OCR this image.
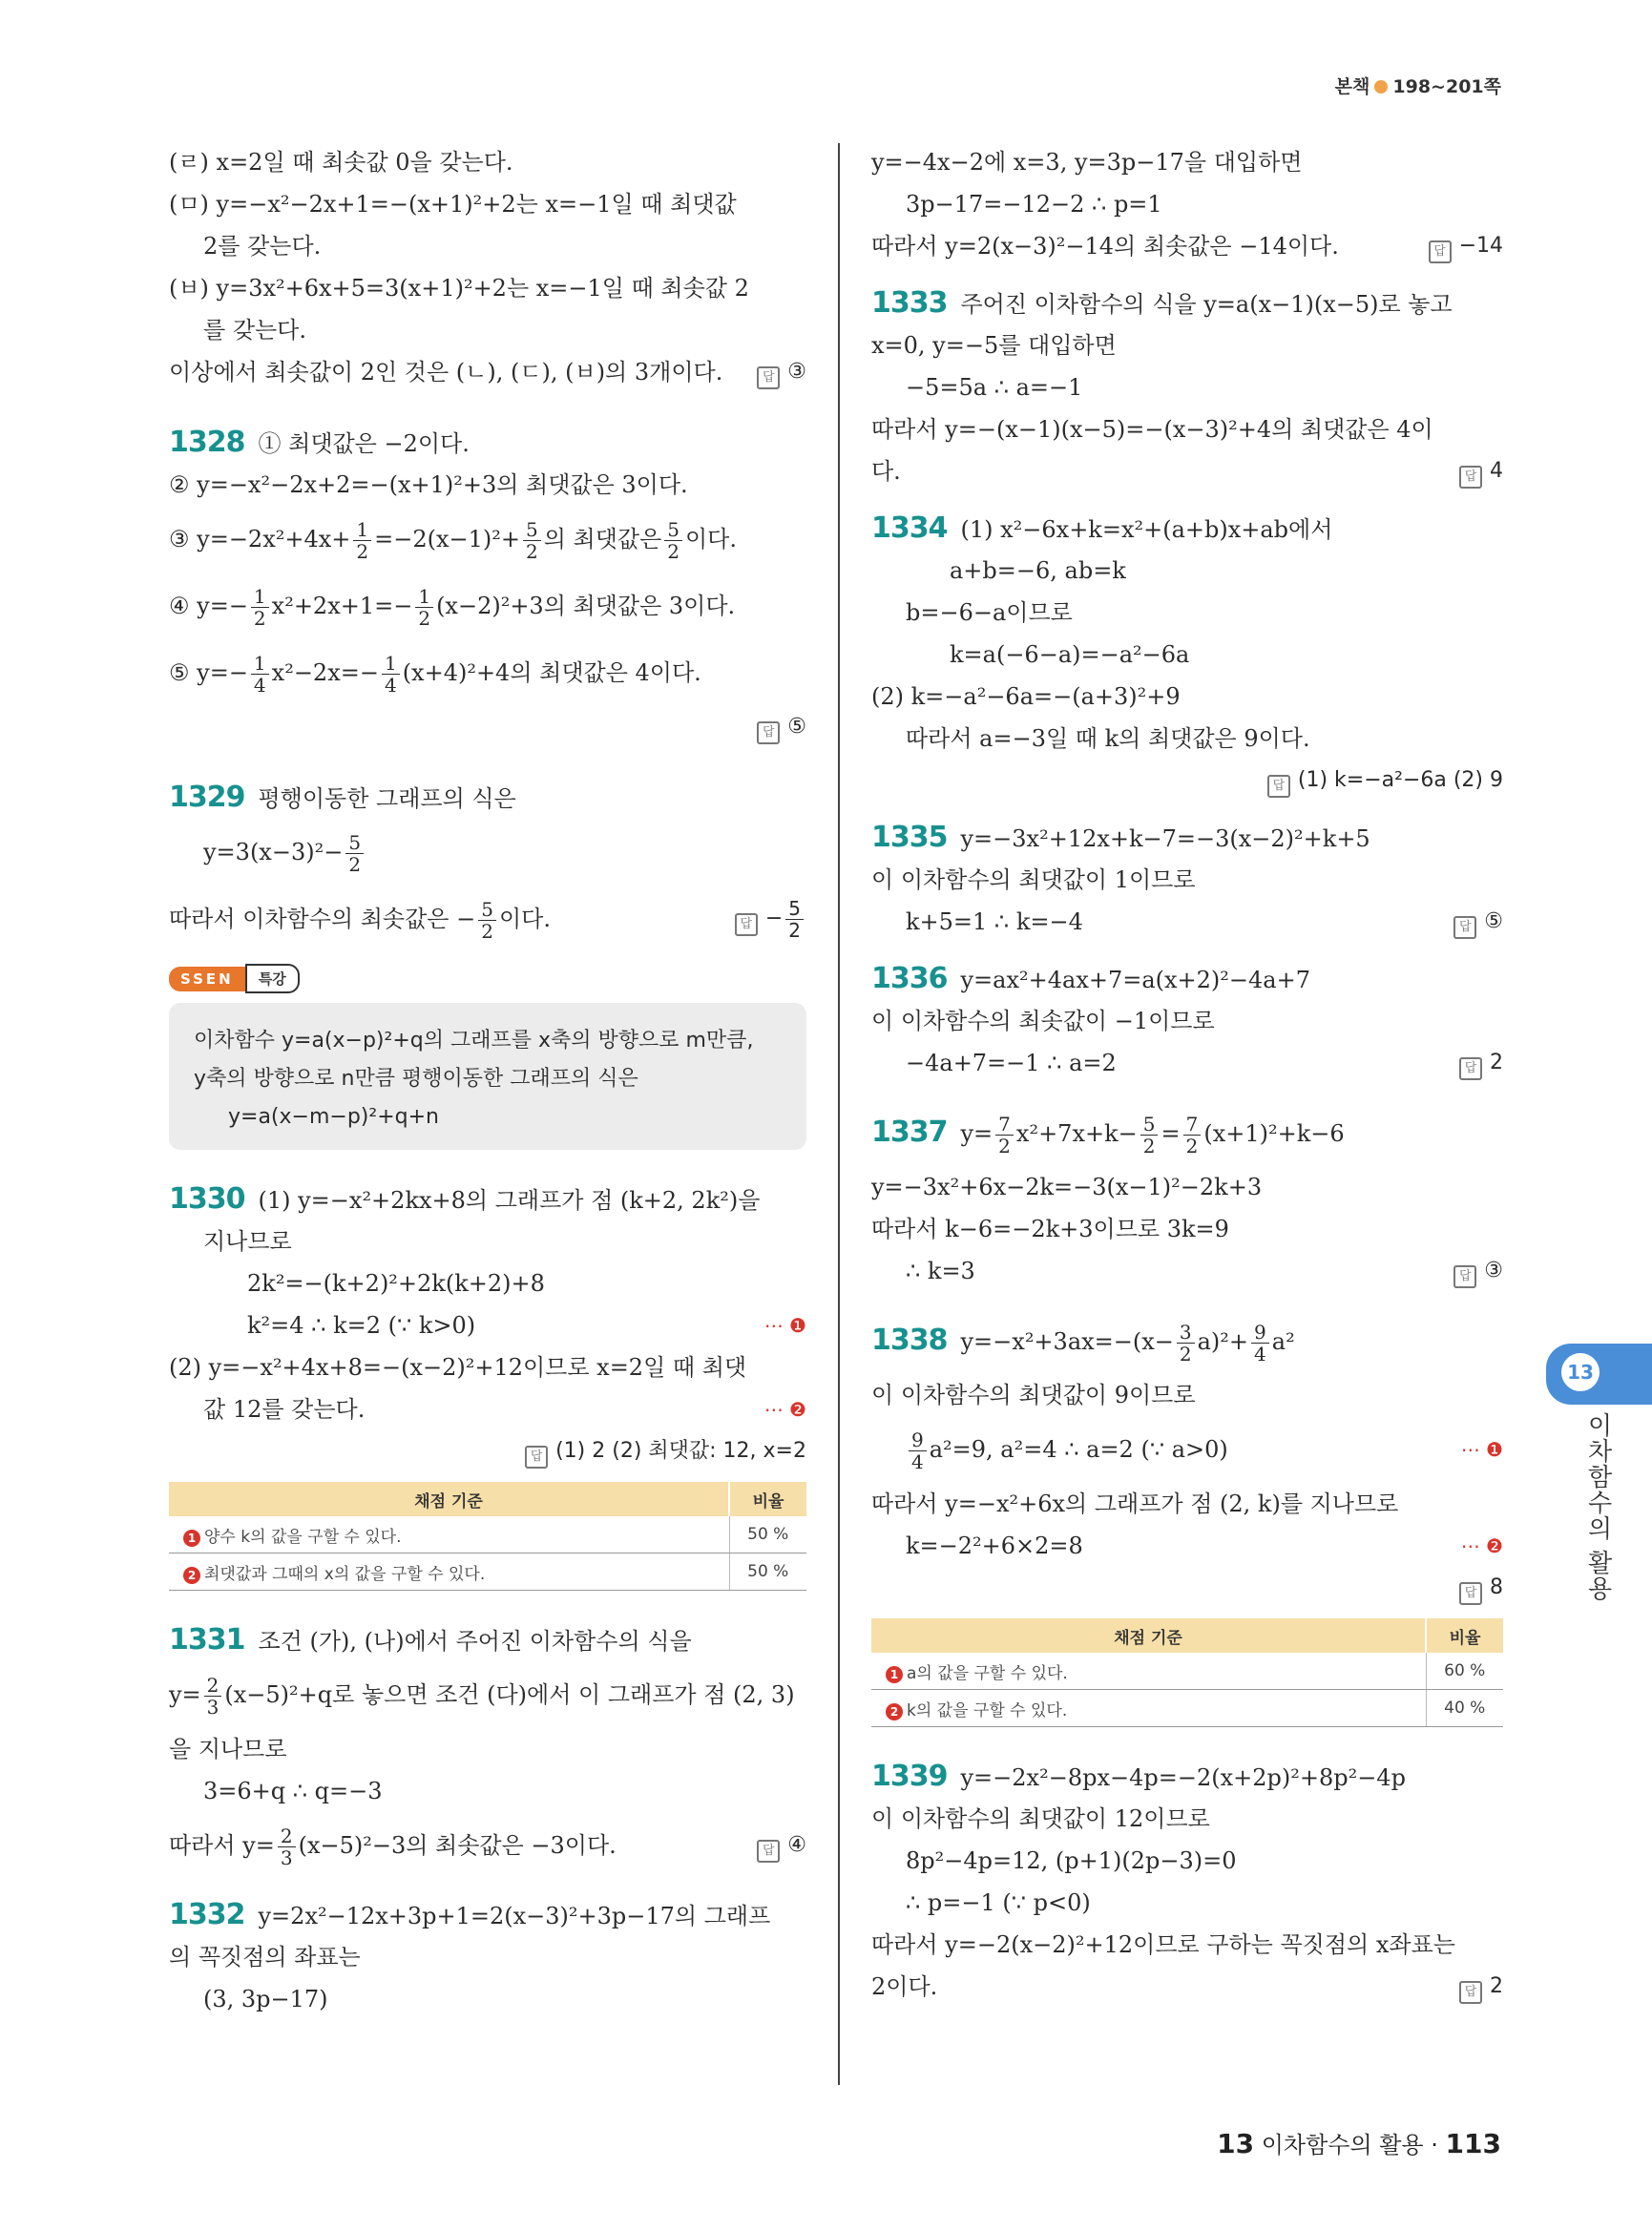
본책 198~201쪽
(ㄹ) x=2일 때 최솟값 0을 갖는다.
(ㅁ) y=−x²−2x+1=−(x+1)²+2는 x=−1일 때 최댓값
2를 갖는다.
(ㅂ) y=3x²+6x+5=3(x+1)²+2는 x=−1일 때 최솟값 2
를 갖는다.
이상에서 최솟값이 2인 것은 (ㄴ), (ㄷ), (ㅂ)의 3개이다.	답 ③
1328 ① 최댓값은 −2이다.
② y=−x²−2x+2=−(x+1)²+3의 최댓값은 3이다.
③ $y=-2x^2+4x+ \frac{1}{2} =-2(x-1)^2+ \frac{5}{2}$ 의 최댓값은 $\frac{5}{2}$ 이다.
④ $y=- \frac{1}{2} x^2+2x+1=- \frac{1}{2} (x-2)^2+3$의 최댓값은 3이다.
⑤ $y=- \frac{1}{4} x^2-2x=- \frac{1}{4} (x+4)^2+4$의 최댓값은 4이다.
답 ⑤
1329 평행이동한 그래프의 식은
$y=3(x-3)^2- \frac{5}{2}$
따라서 이차함수의 최솟값은 − $\frac{5}{2}$ 이다.	답 − $\frac{5}{2}$
SSEN 특강
이차함수 y=a(x−p)²+q의 그래프를 x축의 방향으로 m만큼,
y축의 방향으로 n만큼 평행이동한 그래프의 식은
y=a(x−m−p)²+q+n
1330 (1) y=−x²+2kx+8의 그래프가 점 (k+2, 2k²)을
지나므로
2k²=−(k+2)²+2k(k+2)+8
k²=4 ∴ k=2 (∵ k>0)	⋯ ❶
(2) y=−x²+4x+8=−(x−2)²+12이므로 x=2일 때 최댓
값 12를 갖는다.	⋯ ❷
답 (1) 2 (2) 최댓값: 12, x=2
채점 기준	비율
1 양수 k의 값을 구할 수 있다.	50 %
2 최댓값과 그때의 x의 값을 구할 수 있다.	50 %
1331 조건 (가), (나)에서 주어진 이차함수의 식을
$y= \frac{2}{3} (x-5)^2+q$로 놓으면 조건 (다)에서 이 그래프가 점 (2, 3)
을 지나므로
3=6+q ∴ q=−3
따라서 $y= \frac{2}{3} (x-5)^2-3$의 최솟값은 −3이다.	답 ④
1332 y=2x²−12x+3p+1=2(x−3)²+3p−17의 그래프
의 꼭짓점의 좌표는
(3, 3p−17)
y=−4x−2에 x=3, y=3p−17을 대입하면
3p−17=−12−2 ∴ p=1
따라서 y=2(x−3)²−14의 최솟값은 −14이다.	답 −14
1333 주어진 이차함수의 식을 y=a(x−1)(x−5)로 놓고
x=0, y=−5를 대입하면
−5=5a ∴ a=−1
따라서 y=−(x−1)(x−5)=−(x−3)²+4의 최댓값은 4이
다.	답 4
1334 (1) x²−6x+k=x²+(a+b)x+ab에서
a+b=−6, ab=k
b=−6−a이므로
k=a(−6−a)=−a²−6a
(2) k=−a²−6a=−(a+3)²+9
따라서 a=−3일 때 k의 최댓값은 9이다.
답 (1) k=−a²−6a (2) 9
1335 y=−3x²+12x+k−7=−3(x−2)²+k+5
이 이차함수의 최댓값이 1이므로
k+5=1 ∴ k=−4	답 ⑤
1336 y=ax²+4ax+7=a(x+2)²−4a+7
이 이차함수의 최솟값이 −1이므로
−4a+7=−1 ∴ a=2	답 2
1337 $y= \frac{7}{2} x^2+7x+k- \frac{5}{2} = \frac{7}{2} (x+1)^2+k-6$
y=−3x²+6x−2k=−3(x−1)²−2k+3
따라서 k−6=−2k+3이므로 3k=9
∴ k=3	답 ③
1338 $y=-x^2+3ax=-(x- \frac{3}{2} a)^2+ \frac{9}{4} a^2$
이 이차함수의 최댓값이 9이므로
$\frac{9}{4} a^2=9$, a²=4 ∴ a=2 (∵ a>0)	⋯ ❶
따라서 y=−x²+6x의 그래프가 점 (2, k)를 지나므로
k=−2²+6×2=8	⋯ ❷
답 8
채점 기준	비율
1 a의 값을 구할 수 있다.	60 %
2 k의 값을 구할 수 있다.	40 %
1339 y=−2x²−8px−4p=−2(x+2p)²+8p²−4p
이 이차함수의 최댓값이 12이므로
8p²−4p=12, (p+1)(2p−3)=0
∴ p=−1 (∵ p<0)
따라서 y=−2(x−2)²+12이므로 구하는 꼭짓점의 x좌표는
2이다.	답 2
13
이차함수의 활용
13 이차함수의 활용 · 113
